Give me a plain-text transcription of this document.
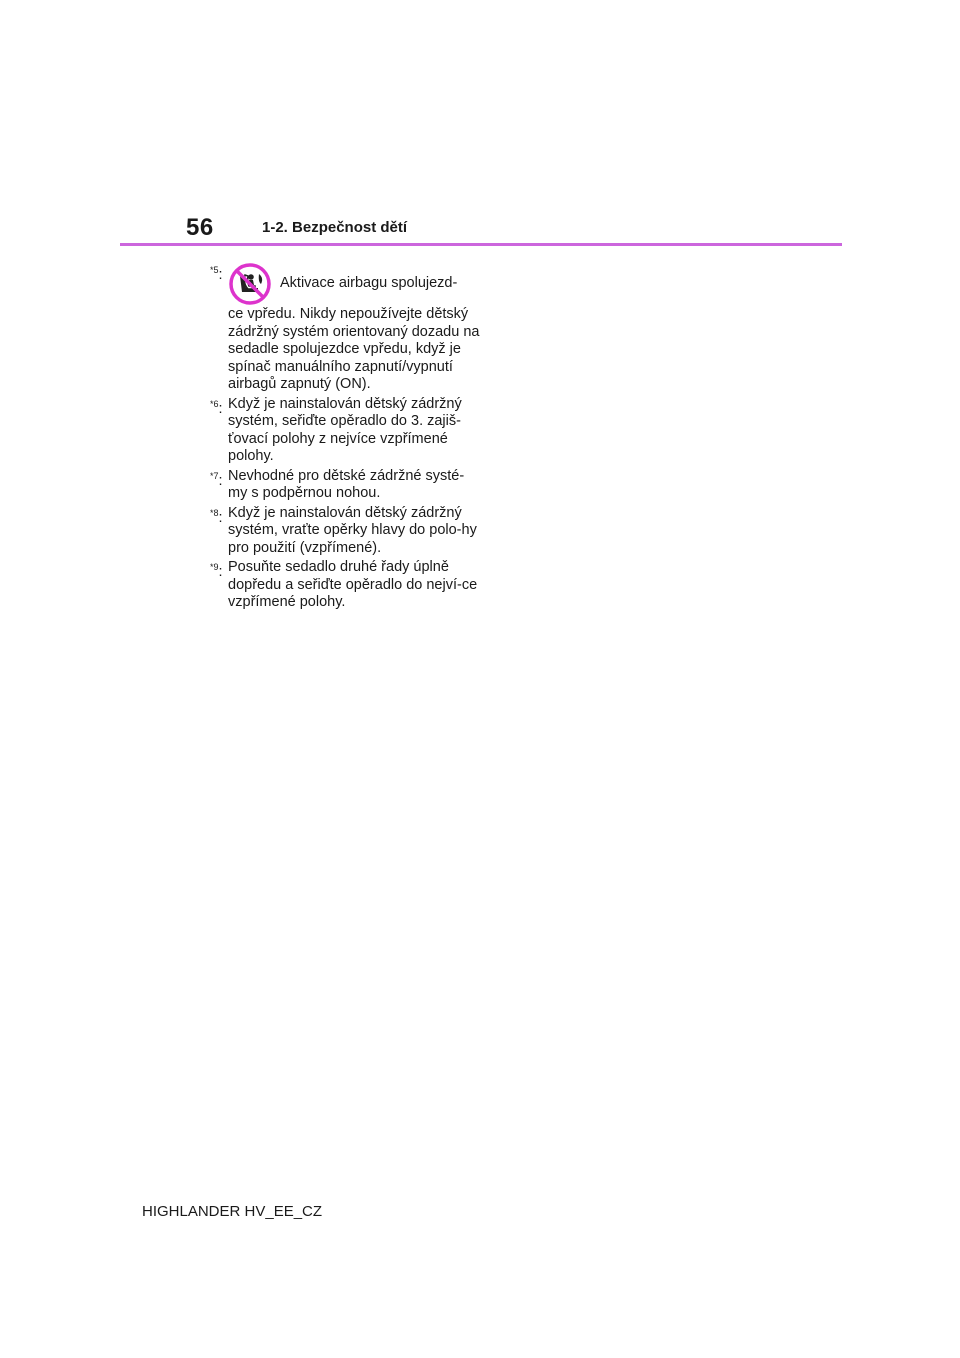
56	1-2. Bezpečnost dětí
$^{*5}$:
Aktivace airbagu spolujezd-
ce vpředu. Nikdy nepoužívejte dětský zádržný systém orientovaný dozadu na sedadle spolujezdce vpředu, když je spínač manuálního zapnutí/vypnutí airbagů zapnutý (ON).
$^{*6}$: Když je nainstalován dětský zádržný systém, seřiďte opěradlo do 3. zajiš-ťovací polohy z nejvíce vzpřímené polohy.
$^{*7}$: Nevhodné pro dětské zádržné systé-my s podpěrnou nohou.
$^{*8}$: Když je nainstalován dětský zádržný systém, vraťte opěrky hlavy do polo-hy pro použití (vzpřímené).
$^{*9}$: Posuňte sedadlo druhé řady úplně dopředu a seřiďte opěradlo do nejví-ce vzpřímené polohy.
HIGHLANDER HV_EE_CZ
